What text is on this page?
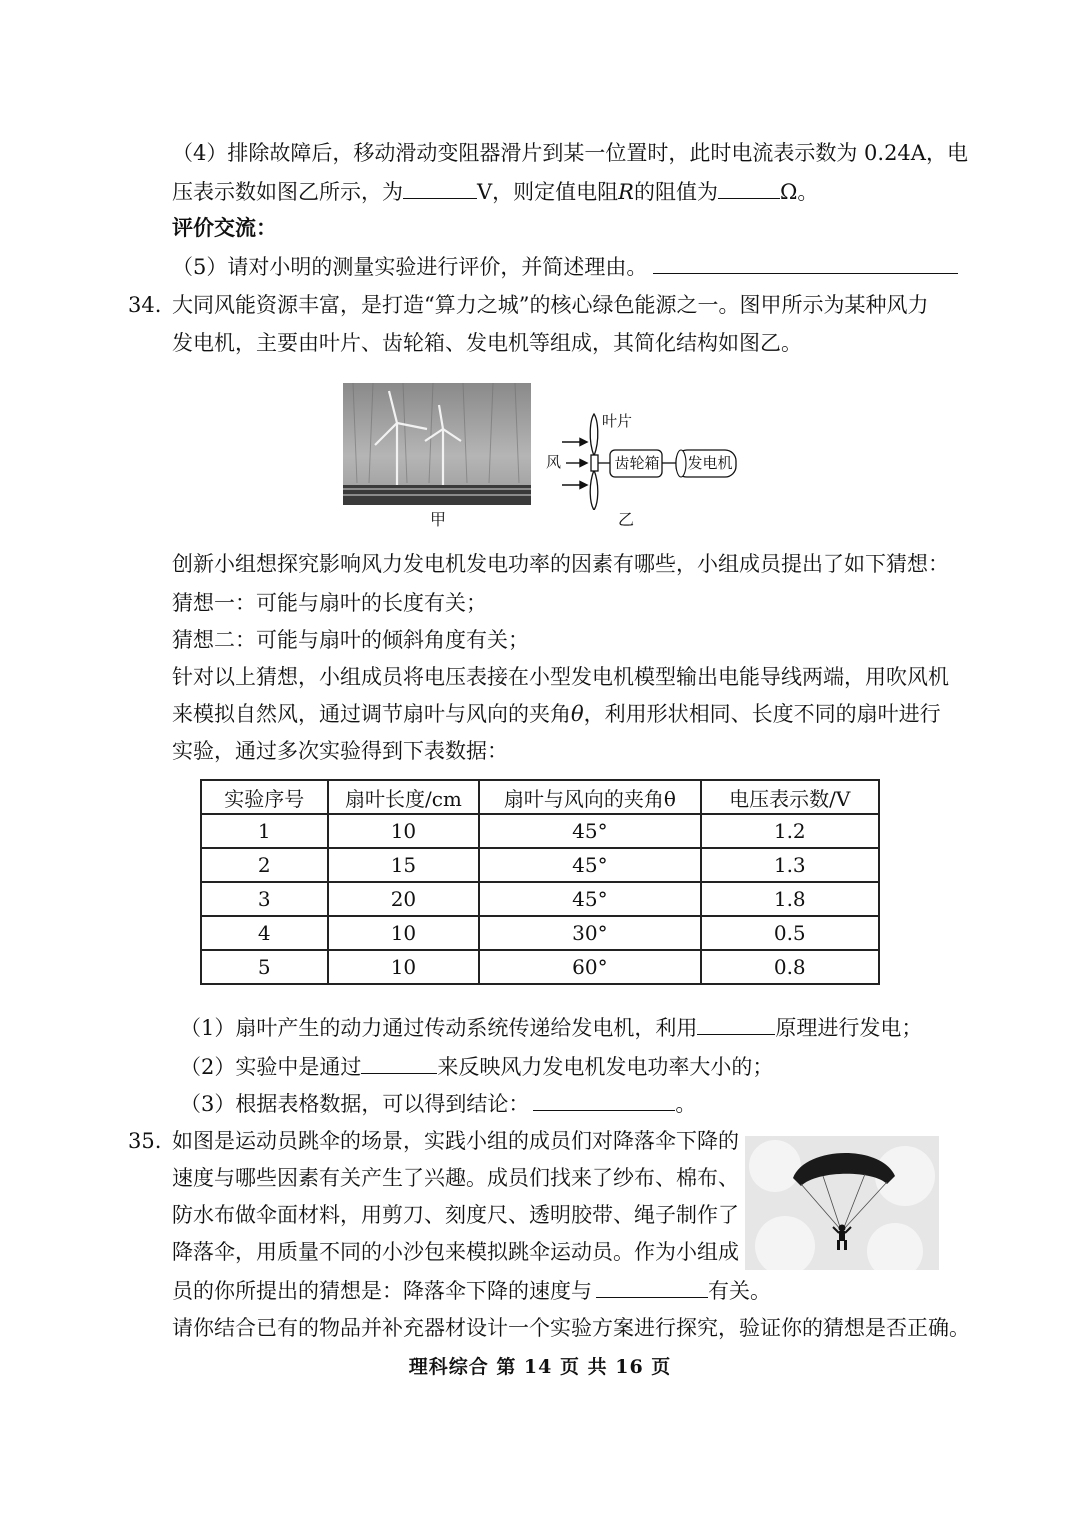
（4）排除故障后，移动滑动变阻器滑片到某一位置时，此时电流表示数为 0.24A，电
压表示数如图乙所示，为	V，则定值电阻R的阻值为	Ω。
评价交流：
（5）请对小明的测量实验进行评价，并简述理由。
34. 大同风能资源丰富，是打造“算力之城”的核心绿色能源之一。图甲所示为某种风力
发电机，主要由叶片、齿轮箱、发电机等组成，其简化结构如图乙。
甲
风
叶片
齿轮箱 发电机
乙
创新小组想探究影响风力发电机发电功率的因素有哪些，小组成员提出了如下猜想：
猜想一：可能与扇叶的长度有关；
猜想二：可能与扇叶的倾斜角度有关；
针对以上猜想，小组成员将电压表接在小型发电机模型输出电能导线两端，用吹风机
来模拟自然风，通过调节扇叶与风向的夹角θ，利用形状相同、长度不同的扇叶进行
实验，通过多次实验得到下表数据：
实验序号	扇叶长度/cm	扇叶与风向的夹角θ	电压表示数/V
1	10	45°	1.2
2	15	45°	1.3
3	20	45°	1.8
4	10	30°	0.5
5	10	60°	0.8
（1）扇叶产生的动力通过传动系统传递给发电机，利用	原理进行发电；
（2）实验中是通过	来反映风力发电机发电功率大小的；
（3）根据表格数据，可以得到结论：	。
35. 如图是运动员跳伞的场景，实践小组的成员们对降落伞下降的
速度与哪些因素有关产生了兴趣。成员们找来了纱布、棉布、
防水布做伞面材料，用剪刀、刻度尺、透明胶带、绳子制作了
降落伞，用质量不同的小沙包来模拟跳伞运动员。作为小组成
员的你所提出的猜想是：降落伞下降的速度与	有关。
请你结合已有的物品并补充器材设计一个实验方案进行探究，验证你的猜想是否正确。
理科综合 第 14 页 共 16 页
